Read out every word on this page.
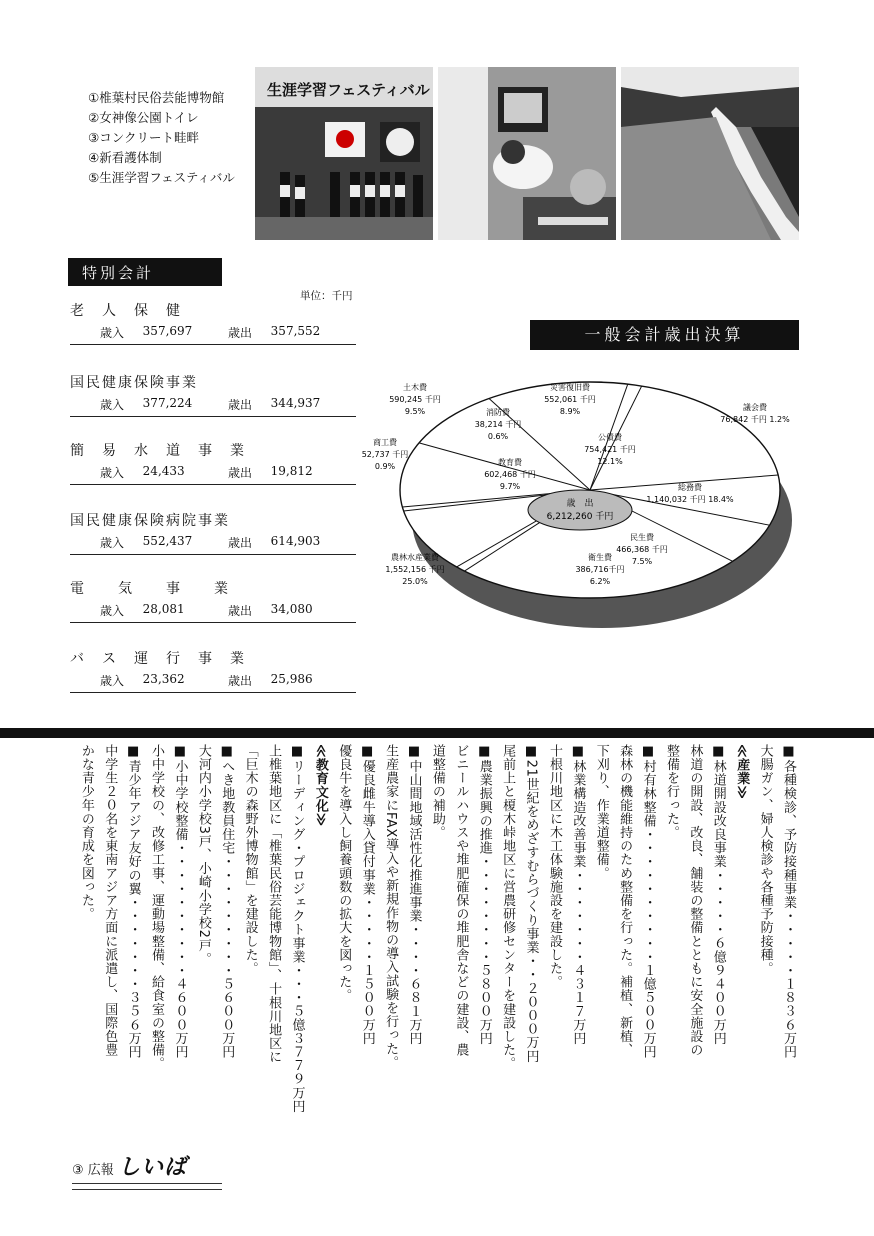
①椎葉村民俗芸能博物館
②女神像公園トイレ
③コンクリート畦畔
④新看護体制
⑤生涯学習フェスティバル
生涯学習フェスティバル
特別会計
単位：千円
老　人　保　健
歳入	357,697	歳出	357,552
国民健康保険事業
歳入	377,224	歳出	344,937
簡　易　水　道　事　業
歳入	24,433	歳出	19,812
国民健康保険病院事業
歳入	552,437	歳出	614,903
電　　気　　事　　業
歳入	28,081	歳出	34,080
バ　ス　運　行　事　業
歳入	23,362	歳出	25,986
一般会計歳出決算
歳　出
6,212,260 千円
議会費
76,842 千円 1.2%
総務費
1,140,032 千円 18.4%
民生費
466,368 千円
7.5%
衛生費
386,716千円
6.2%
農林水産業費
1,552,156 千円
25.0%
商工費
52,737 千円
0.9%
土木費
590,245 千円
9.5%	消防費
38,214 千円
0.6%
教育費
602,468 千円
9.7%
災害復旧費
552,061 千円
8.9%
公債費
754,421 千円
12.1%

■各種検診、予防接種事業・・・・・１８３６万円

大腸ガン、婦人検診や各種予防接種。

≪産業≫

■林道開設改良事業・・・・・６億９４００万円

林道の開設、改良、舗装の整備とともに安全施設の

整備を行った。

■村有林整備・・・・・・・・・・１億５００万円

森林の機能維持のため整備を行った。補植、新植、

下刈り、作業道整備。

■林業構造改善事業・・・・・・・４３１７万円

十根川地区に木工体験施設を建設した。

■21世紀をめざすむらづくり事業・・２０００万円

尾前上と榎木峠地区に営農研修センターを建設した。

■農業振興の推進・・・・・・・・５８００万円

ビニールハウスや堆肥確保の堆肥舎などの建設、農

道整備の補助。

■中山間地域活性化推進事業・・・・６８１万円

生産農家にFAX導入や新規作物の導入試験を行った。

■優良雌牛導入貸付事業・・・・・１５００万円

優良牛を導入し飼養頭数の拡大を図った。

≪教育文化≫

■リーディング・プロジェクト事業・・・５億３７７９万円

上椎葉地区に「椎葉民俗芸能博物館」、十根川地区に

「巨木の森野外博物館」を建設した。

■へき地教員住宅・・・・・・・・・５６００万円

大河内小学校3戸、小崎小学校2戸。

■小中学校整備・・・・・・・・・・４６００万円

小中学校の、改修工事、運動場整備、給食室の整備。

■青少年アジア友好の翼・・・・・・・３５６万円

中学生２０名を東南アジア方面に派遣し、国際色豊

かな青少年の育成を図った。

③ 広報 しいば
